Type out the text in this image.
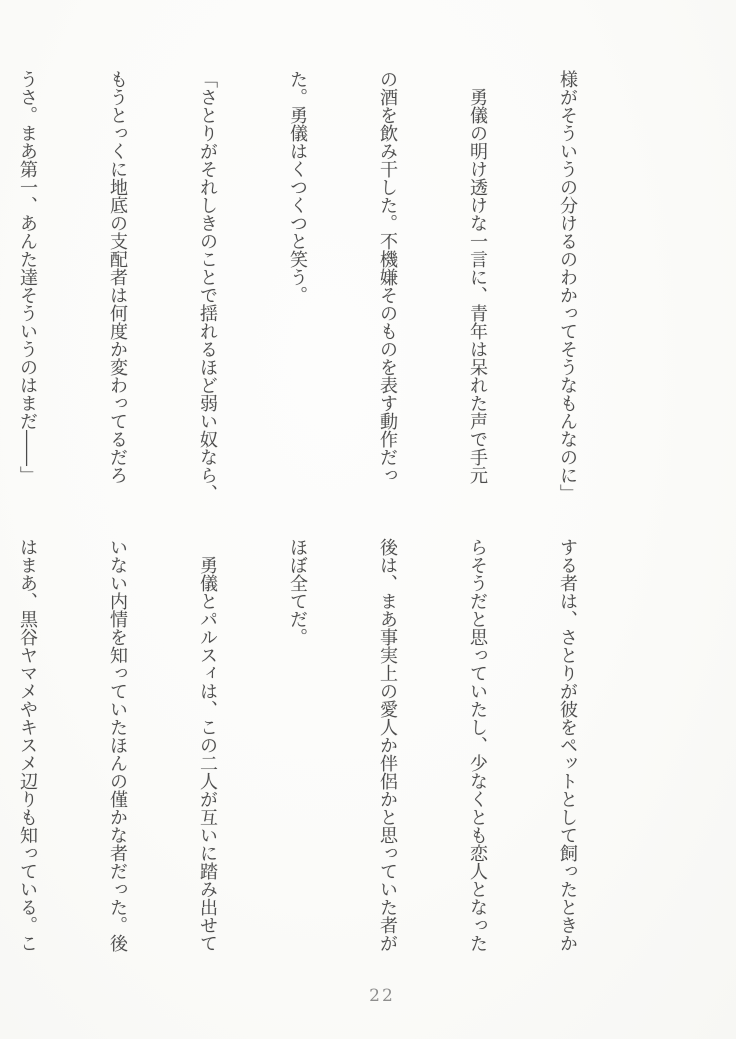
様がそういうの分けるのわかってそうなもんなのに」

　勇儀の明け透けな一言に、青年は呆れた声で手元

の酒を飲み干した。不機嫌そのものを表す動作だっ

た。勇儀はくつくつと笑う。

「さとりがそれしきのことで揺れるほど弱い奴なら、

もうとっくに地底の支配者は何度か変わってるだろ

うさ。まあ第一、あんた達そういうのはまだ――」

する者は、さとりが彼をペットとして飼ったときか

らそうだと思っていたし、少なくとも恋人となった

後は、まあ事実上の愛人か伴侶かと思っていた者が

ほぼ全てだ。

　勇儀とパルスィは、この二人が互いに踏み出せて

いない内情を知っていたほんの僅かな者だった。後

はまあ、黒谷ヤマメやキスメ辺りも知っている。こ

22
